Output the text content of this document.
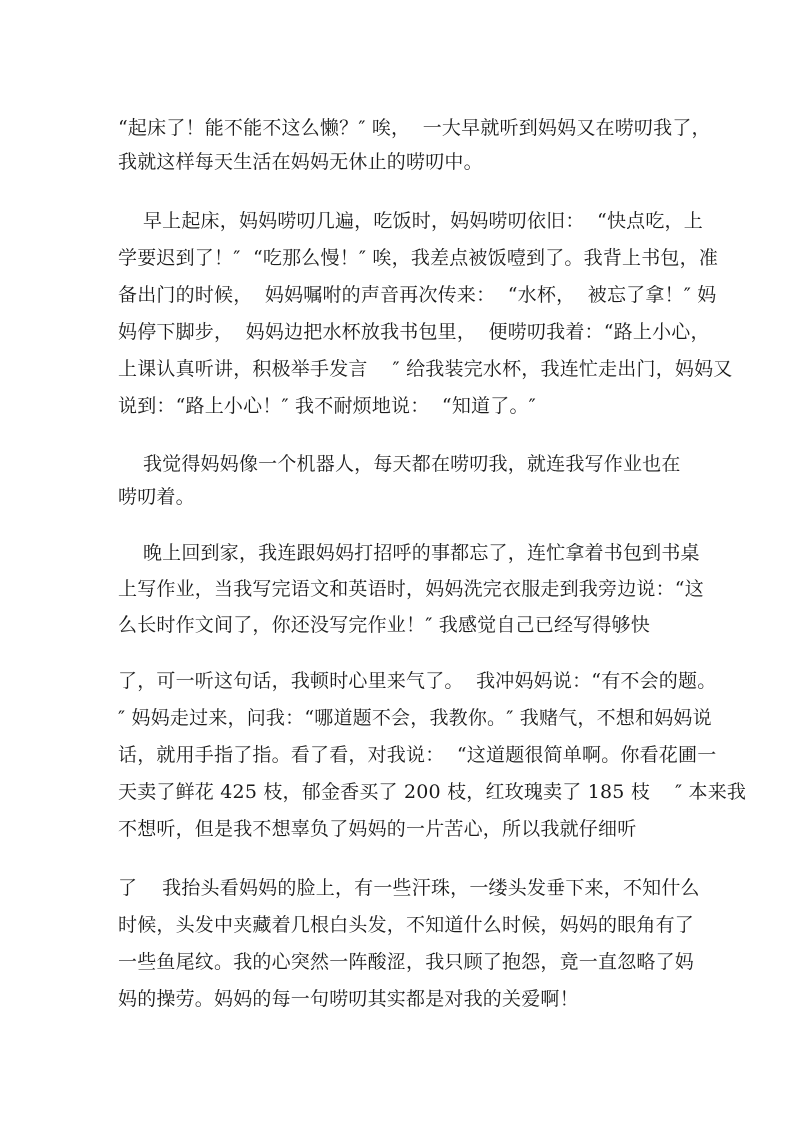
“起床了！能不能不这么懒？″ 唉，  一大早就听到妈妈又在唠叨我了，
我就这样每天生活在妈妈无休止的唠叨中。
早上起床，妈妈唠叨几遍，吃饭时，妈妈唠叨依旧：  “快点吃，上
学要迟到了！″  “吃那么慢！″ 唉，我差点被饭噎到了。我背上书包，准
备出门的时候，  妈妈嘱咐的声音再次传来：  “水杯，  被忘了拿！″ 妈
妈停下脚步，  妈妈边把水杯放我书包里，  便唠叨我着：“路上小心，
上课认真听讲，积极举手发言    ″ 给我装完水杯，我连忙走出门，妈妈又
说到：“路上小心！″ 我不耐烦地说：  “知道了。″
我觉得妈妈像一个机器人，每天都在唠叨我，就连我写作业也在
唠叨着。
晚上回到家，我连跟妈妈打招呼的事都忘了，连忙拿着书包到书桌
上写作业，当我写完语文和英语时，妈妈洗完衣服走到我旁边说：“这
么长时作文间了，你还没写完作业！″ 我感觉自己已经写得够快
了，可一听这句话，我顿时心里来气了。  我冲妈妈说：“有不会的题。
″ 妈妈走过来，问我：“哪道题不会，我教你。″ 我赌气，不想和妈妈说
话，就用手指了指。看了看，对我说：  “这道题很简单啊。你看花圃一
天卖了鲜花 425 枝，郁金香买了 200 枝，红玫瑰卖了 185 枝    ″ 本来我
不想听，但是我不想辜负了妈妈的一片苦心，所以我就仔细听
了    我抬头看妈妈的脸上，有一些汗珠，一缕头发垂下来，不知什么
时候，头发中夹藏着几根白头发，不知道什么时候，妈妈的眼角有了
一些鱼尾纹。我的心突然一阵酸涩，我只顾了抱怨，竟一直忽略了妈
妈的操劳。妈妈的每一句唠叨其实都是对我的关爱啊！
